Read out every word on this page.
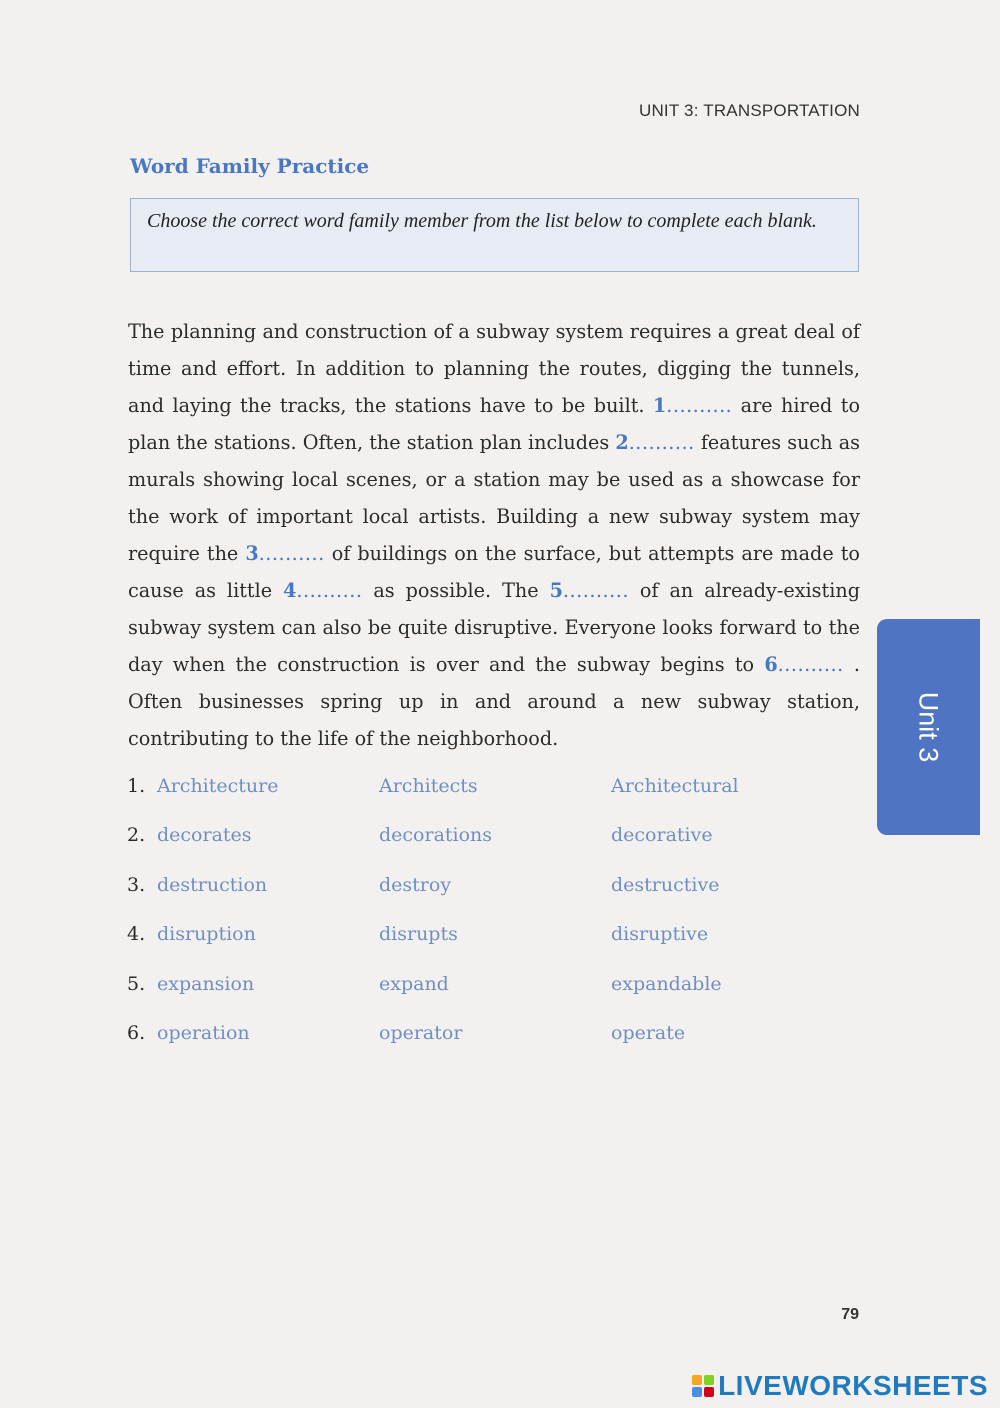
UNIT 3: TRANSPORTATION
Word Family Practice
Choose the correct word family member from the list below to complete each blank.
The planning and construction of a subway system requires a great deal of time and effort. In addition to planning the routes, digging the tunnels, and laying the tracks, the stations have to be built. 1.......... are hired to plan the stations. Often, the station plan includes 2.......... features such as murals showing local scenes, or a station may be used as a showcase for the work of important local artists. Building a new subway system may require the 3.......... of buildings on the surface, but attempts are made to cause as little 4.......... as possible. The 5.......... of an already-existing subway system can also be quite disruptive. Everyone looks forward to the day when the construction is over and the subway begins to 6.......... . Often businesses spring up in and around a new subway station, contributing to the life of the neighborhood.
1. Architecture	Architects	Architectural
2. decorates	decorations	decorative
3. destruction	destroy	destructive
4. disruption	disrupts	disruptive
5. expansion	expand	expandable
6. operation	operator	operate
Unit 3
79
LIVEWORKSHEETS
